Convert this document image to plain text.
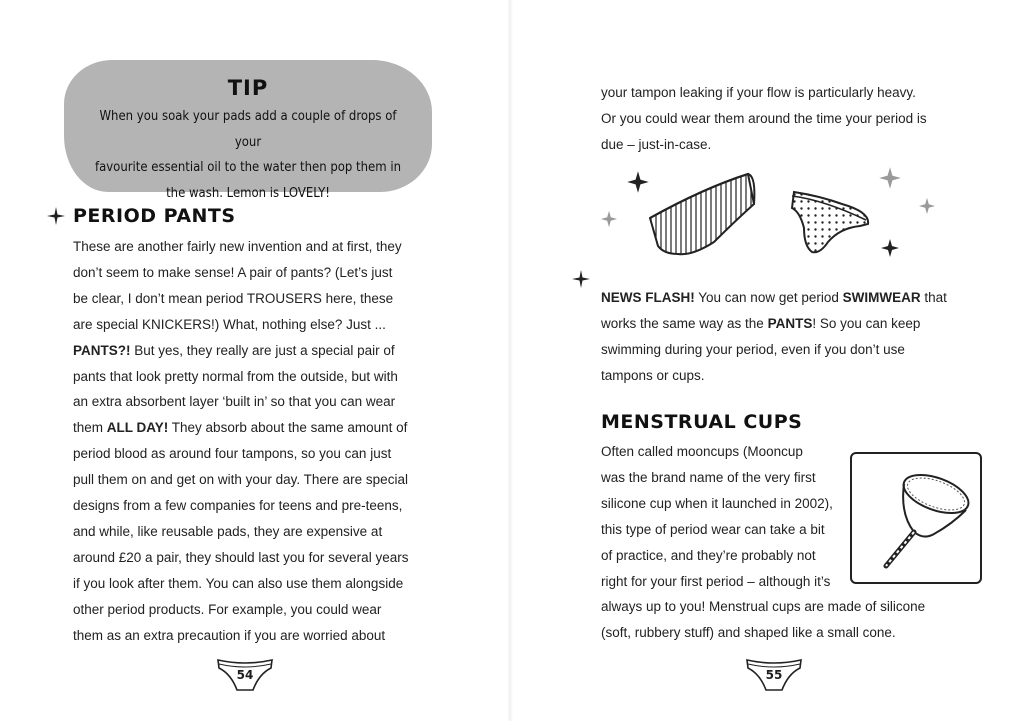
TIP
When you soak your pads add a couple of drops of your
favourite essential oil to the water then pop them in
the wash. Lemon is LOVELY!
PERIOD PANTS

These are another fairly new invention and at first, they

don’t seem to make sense! A pair of pants? (Let’s just

be clear, I don’t mean period TROUSERS here, these

are special KNICKERS!) What, nothing else? Just ...

PANTS?! But yes, they really are just a special pair of

pants that look pretty normal from the outside, but with

an extra absorbent layer ‘built in’ so that you can wear

them ALL DAY! They absorb about the same amount of

period blood as around four tampons, so you can just

pull them on and get on with your day. There are special

designs from a few companies for teens and pre-teens,

and while, like reusable pads, they are expensive at

around £20 a pair, they should last you for several years

if you look after them. You can also use them alongside

other period products. For example, you could wear

them as an extra precaution if you are worried about

54

your tampon leaking if your flow is particularly heavy.

Or you could wear them around the time your period is

due – just-in-case.

NEWS FLASH! You can now get period SWIMWEAR that

works the same way as the PANTS! So you can keep

swimming during your period, even if you don’t use

tampons or cups.

MENSTRUAL CUPS

Often called mooncups (Mooncup

was the brand name of the very first

silicone cup when it launched in 2002),

this type of period wear can take a bit

of practice, and they’re probably not

right for your first period – although it’s

always up to you! Menstrual cups are made of silicone

(soft, rubbery stuff) and shaped like a small cone.

55
